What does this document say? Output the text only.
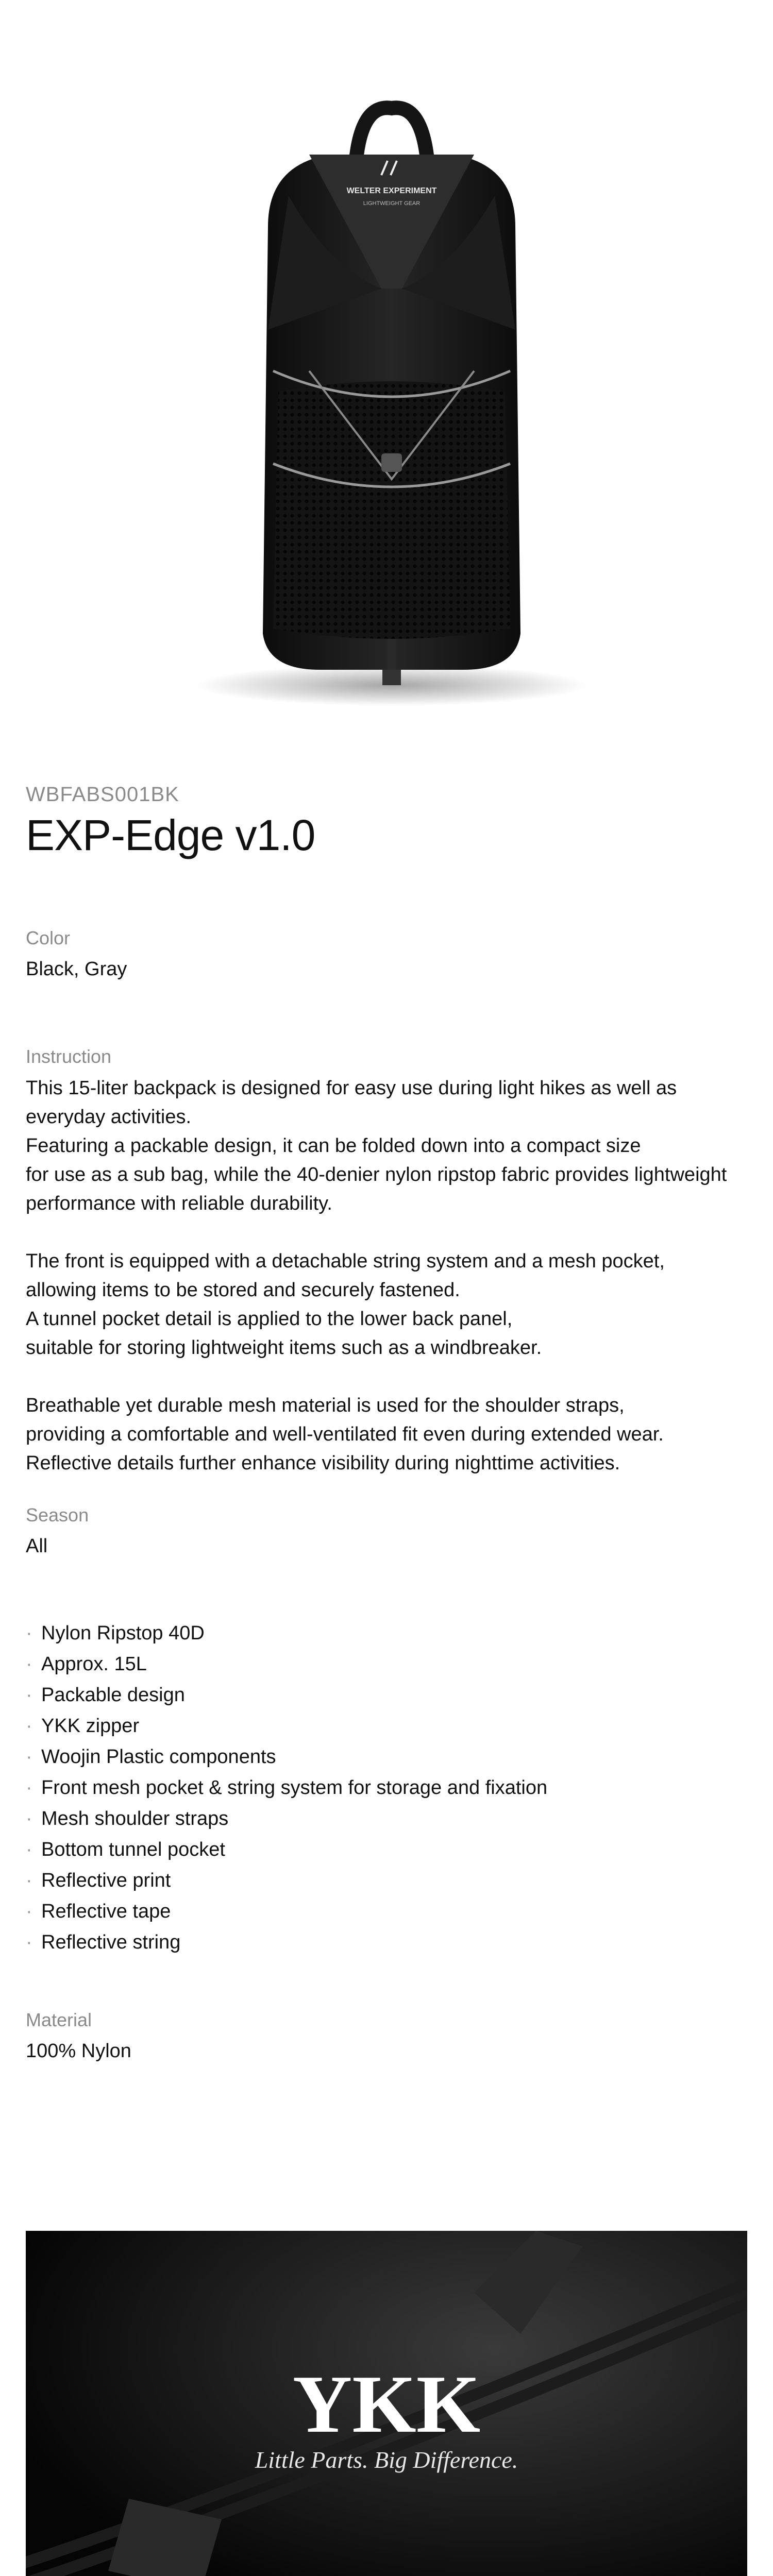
WELTER EXPERIMENT
LIGHTWEIGHT GEAR
WBFABS001BK
EXP-Edge v1.0
Color
Black, Gray
Instruction
This 15-liter backpack is designed for easy use during light hikes as well as
everyday activities.
Featuring a packable design, it can be folded down into a compact size
for use as a sub bag, while the 40-denier nylon ripstop fabric provides lightweight
performance with reliable durability.
The front is equipped with a detachable string system and a mesh pocket,
allowing items to be stored and securely fastened.
A tunnel pocket detail is applied to the lower back panel,
suitable for storing lightweight items such as a windbreaker.
Breathable yet durable mesh material is used for the shoulder straps,
providing a comfortable and well-ventilated fit even during extended wear.
Reflective details further enhance visibility during nighttime activities.
Season
All
· Nylon Ripstop 40D
· Approx. 15L
· Packable design
· YKK zipper
· Woojin Plastic components
· Front mesh pocket & string system for storage and fixation
· Mesh shoulder straps
· Bottom tunnel pocket
· Reflective print
· Reflective tape
· Reflective string
Material
100% Nylon
YKK
Little Parts. Big Difference.
